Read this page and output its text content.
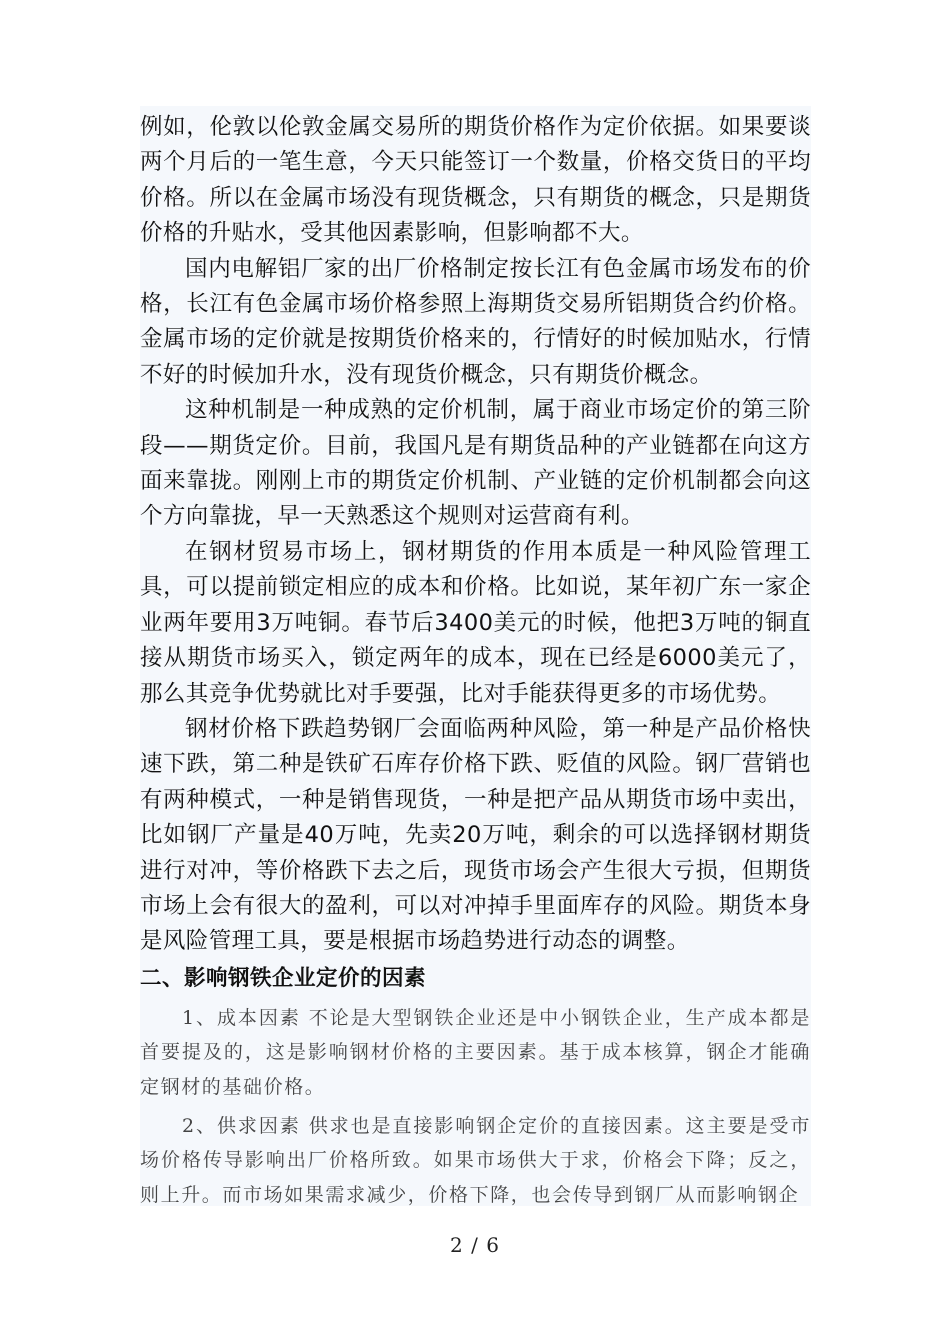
例如，伦敦以伦敦金属交易所的期货价格作为定价依据。如果要谈两个月后的一笔生意，今天只能签订一个数量，价格交货日的平均价格。所以在金属市场没有现货概念，只有期货的概念，只是期货价格的升贴水，受其他因素影响，但影响都不大。

国内电解铝厂家的出厂价格制定按长江有色金属市场发布的价格，长江有色金属市场价格参照上海期货交易所铝期货合约价格。金属市场的定价就是按期货价格来的，行情好的时候加贴水，行情不好的时候加升水，没有现货价概念，只有期货价概念。

这种机制是一种成熟的定价机制，属于商业市场定价的第三阶段——期货定价。目前，我国凡是有期货品种的产业链都在向这方面来靠拢。刚刚上市的期货定价机制、产业链的定价机制都会向这个方向靠拢，早一天熟悉这个规则对运营商有利。

在钢材贸易市场上，钢材期货的作用本质是一种风险管理工具，可以提前锁定相应的成本和价格。比如说，某年初广东一家企业两年要用3万吨铜。春节后3400美元的时候，他把3万吨的铜直接从期货市场买入，锁定两年的成本，现在已经是6000美元了，那么其竞争优势就比对手要强，比对手能获得更多的市场优势。

钢材价格下跌趋势钢厂会面临两种风险，第一种是产品价格快速下跌，第二种是铁矿石库存价格下跌、贬值的风险。钢厂营销也有两种模式，一种是销售现货，一种是把产品从期货市场中卖出，比如钢厂产量是40万吨，先卖20万吨，剩余的可以选择钢材期货进行对冲，等价格跌下去之后，现货市场会产生很大亏损，但期货市场上会有很大的盈利，可以对冲掉手里面库存的风险。期货本身是风险管理工具，要是根据市场趋势进行动态的调整。

二、影响钢铁企业定价的因素

1、成本因素 不论是大型钢铁企业还是中小钢铁企业，生产成本都是首要提及的，这是影响钢材价格的主要因素。基于成本核算，钢企才能确定钢材的基础价格。

2、供求因素 供求也是直接影响钢企定价的直接因素。这主要是受市场价格传导影响出厂价格所致。如果市场供大于求，价格会下降；反之，则上升。而市场如果需求减少，价格下降，也会传导到钢厂从而影响钢企

2 / 6
